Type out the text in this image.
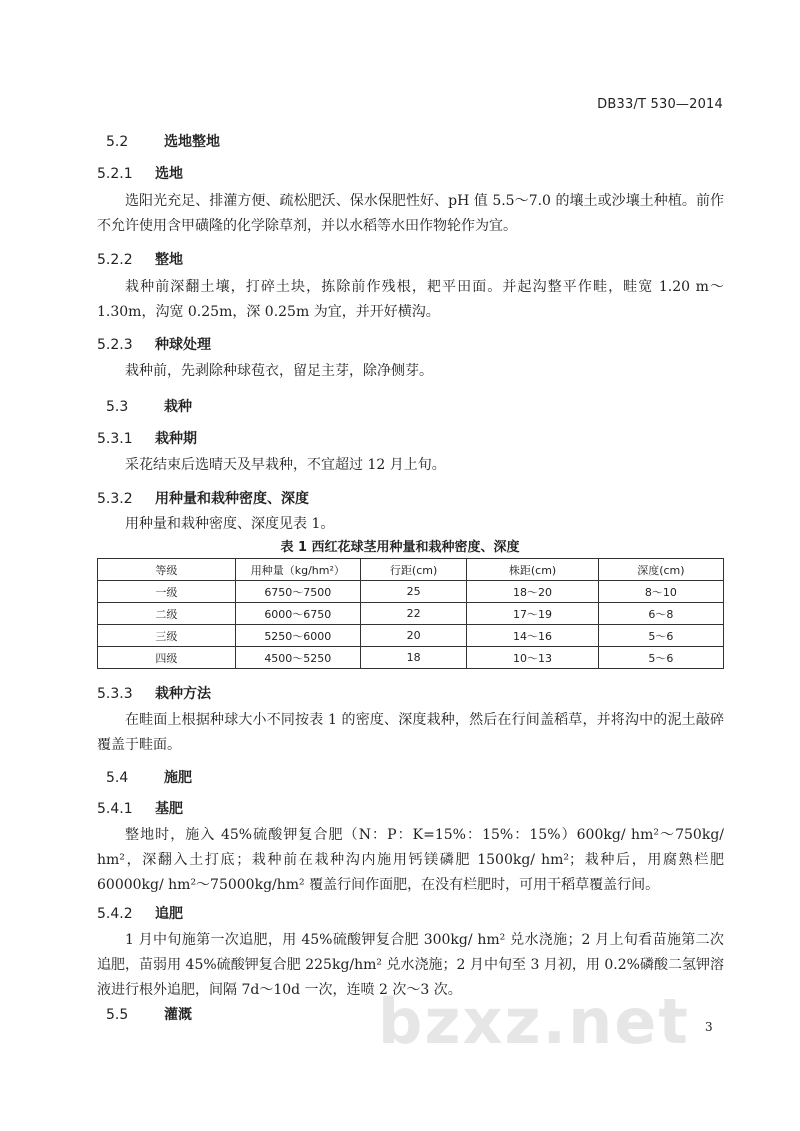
DB33/T 530—2014
5.2	选地整地
5.2.1 选地
选阳光充足、排灌方便、疏松肥沃、保水保肥性好、pH 值 5.5～7.0 的壤土或沙壤土种植。前作不允许使用含甲磺隆的化学除草剂，并以水稻等水田作物轮作为宜。
5.2.2 整地
栽种前深翻土壤，打碎土块，拣除前作残根，耙平田面。并起沟整平作畦，畦宽 1.20 m～1.30m，沟宽 0.25m，深 0.25m 为宜，并开好横沟。
5.2.3 种球处理
栽种前，先剥除种球苞衣，留足主芽，除净侧芽。
5.3	栽种
5.3.1 栽种期
采花结束后选晴天及早栽种，不宜超过 12 月上旬。
5.3.2 用种量和栽种密度、深度
用种量和栽种密度、深度见表 1。
表 1 西红花球茎用种量和栽种密度、深度
等级	用种量（kg/hm²）	行距(cm)	株距(cm)	深度(cm)
一级	6750～7500	25	18～20	8～10
二级	6000～6750	22	17～19	6～8
三级	5250～6000	20	14～16	5～6
四级	4500～5250	18	10～13	5～6
5.3.3 栽种方法
在畦面上根据种球大小不同按表 1 的密度、深度栽种，然后在行间盖稻草，并将沟中的泥土敲碎覆盖于畦面。
5.4	施肥
5.4.1 基肥
整地时，施入 45%硫酸钾复合肥（N：P：K=15%：15%：15%）600kg/ hm²～750kg/ hm²，深翻入土打底；栽种前在栽种沟内施用钙镁磷肥 1500kg/ hm²；栽种后，用腐熟栏肥 60000kg/ hm²～75000kg/hm² 覆盖行间作面肥，在没有栏肥时，可用干稻草覆盖行间。
5.4.2 追肥
1 月中旬施第一次追肥，用 45%硫酸钾复合肥 300kg/ hm² 兑水浇施；2 月上旬看苗施第二次追肥，苗弱用 45%硫酸钾复合肥 225kg/hm² 兑水浇施；2 月中旬至 3 月初，用 0.2%磷酸二氢钾溶液进行根外追肥，间隔 7d～10d 一次，连喷 2 次～3 次。
5.5	灌溉	bzxz.net 3
